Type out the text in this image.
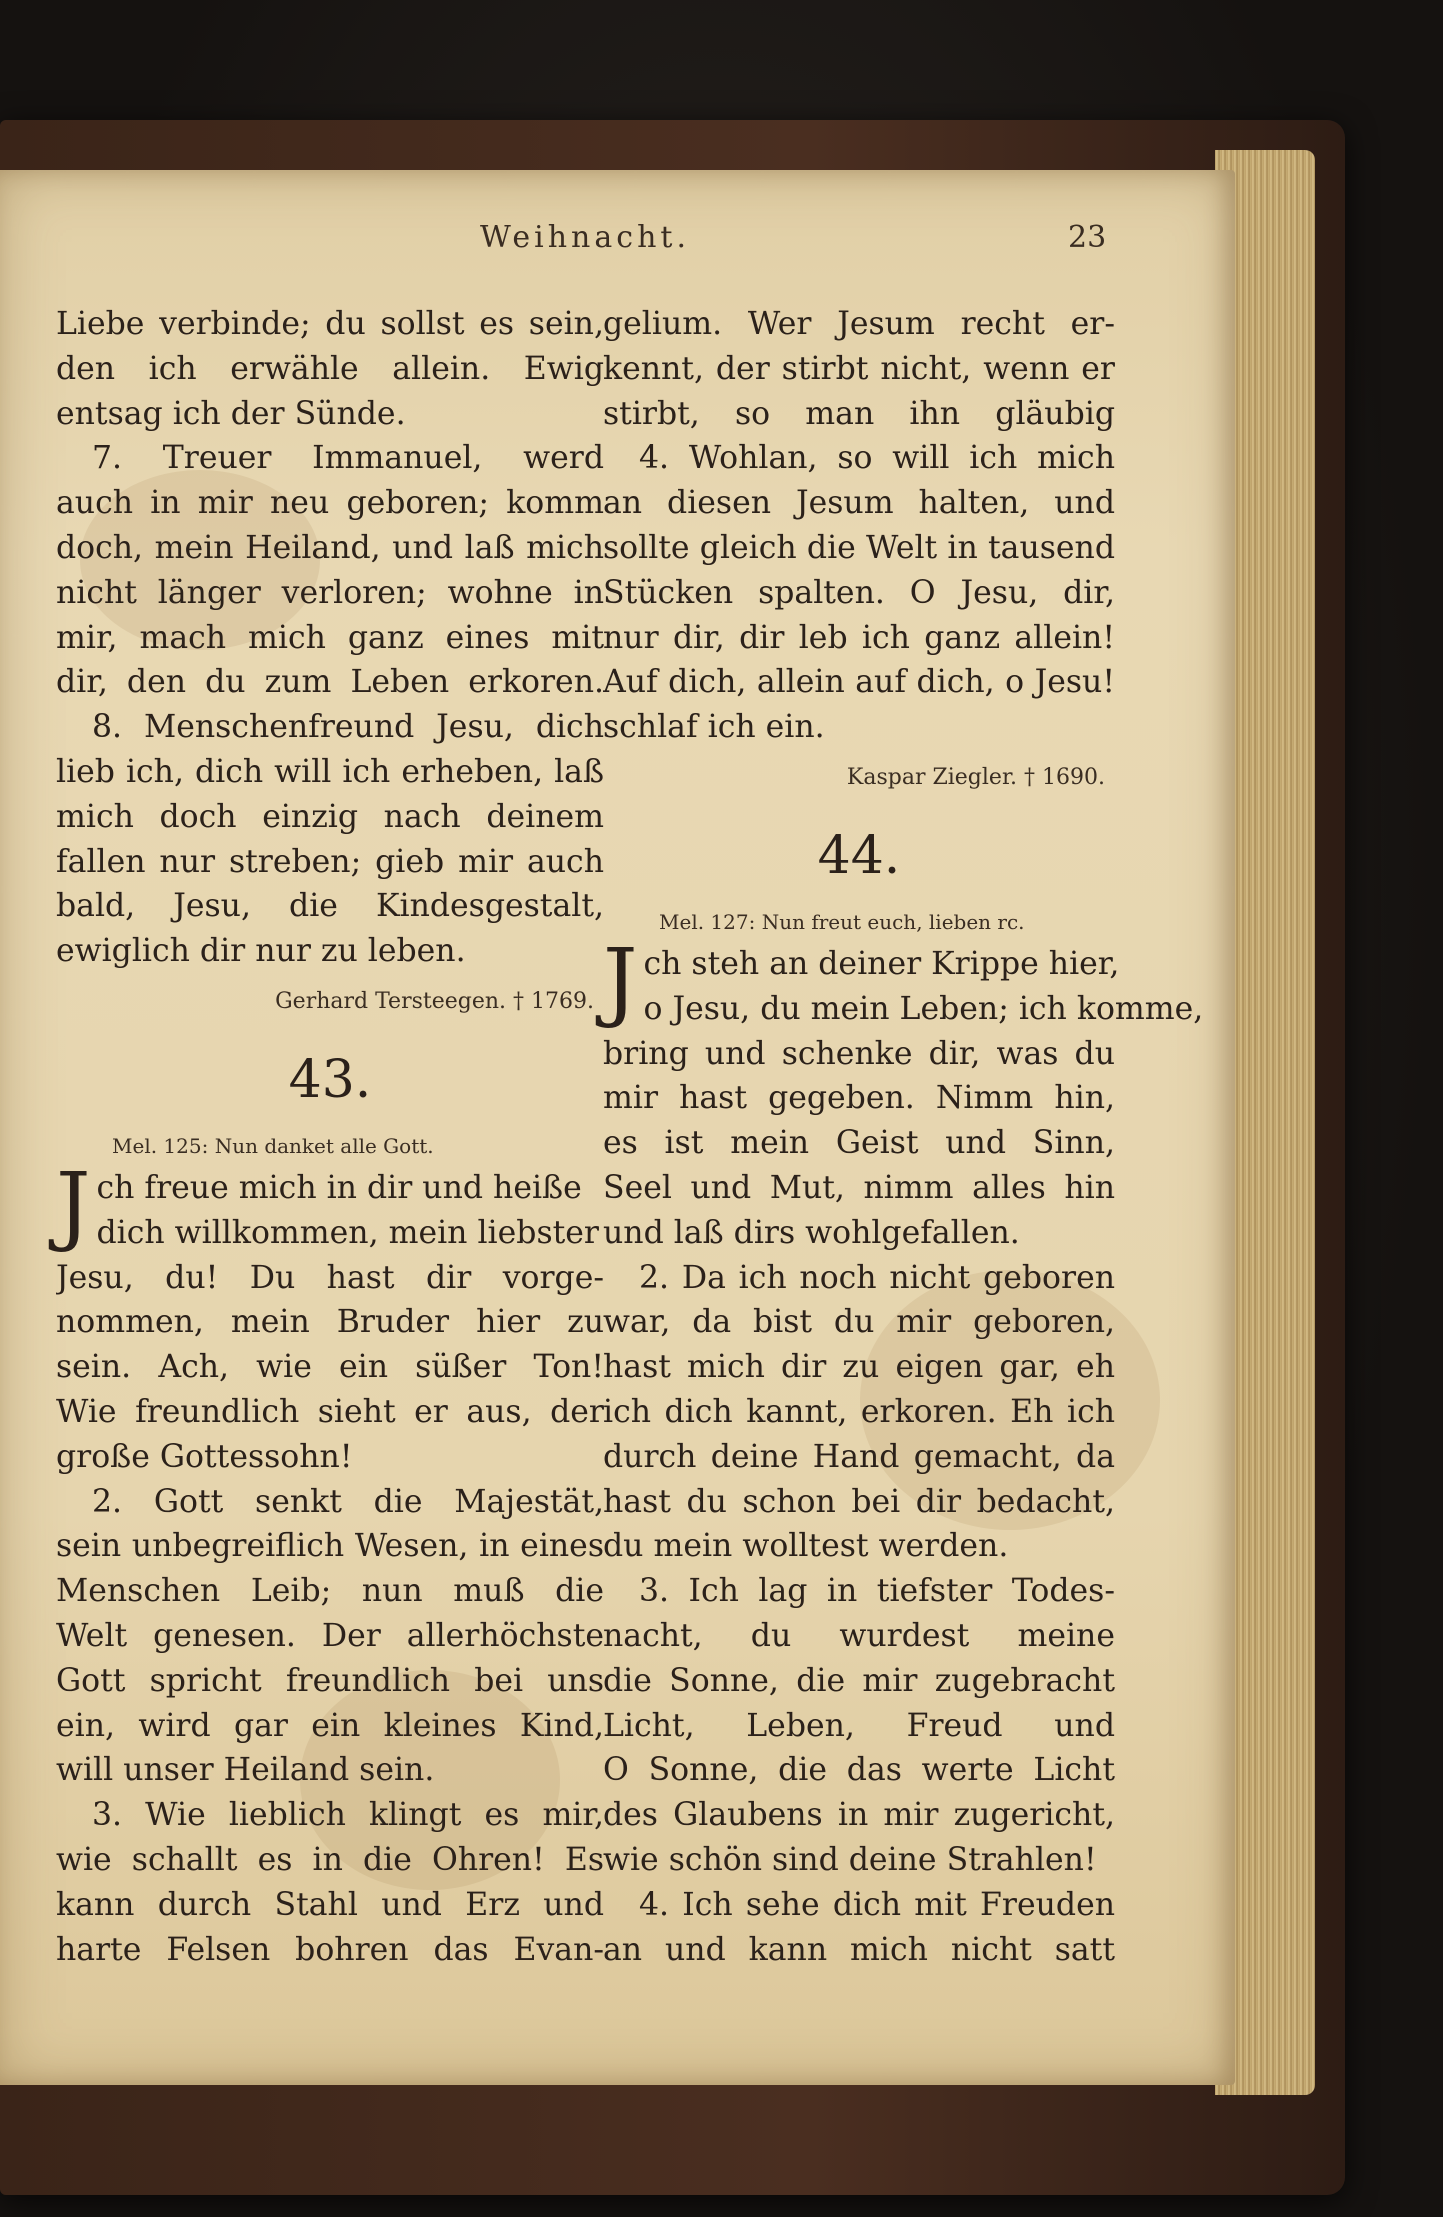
Weihnacht.	23
Liebe verbinde; du sollst es sein,
den ich erwähle allein. Ewig
entsag ich der Sünde.
7. Treuer Immanuel, werd
auch in mir neu geboren; komm
doch, mein Heiland, und laß mich
nicht länger verloren; wohne in
mir, mach mich ganz eines mit
dir, den du zum Leben erkoren.
8. Menschenfreund Jesu, dich
lieb ich, dich will ich erheben, laß
mich doch einzig nach deinem
fallen nur streben; gieb mir auch
bald, Jesu, die Kindesgestalt,
ewiglich dir nur zu leben.
Gerhard Tersteegen. † 1769.
43.
Mel. 125: Nun danket alle Gott.
J ch freue mich in dir und heiße
dich willkommen, mein liebster
Jesu, du! Du hast dir vorge-
nommen, mein Bruder hier zu
sein. Ach, wie ein süßer Ton!
Wie freundlich sieht er aus, der
große Gottessohn!
2. Gott senkt die Majestät,
sein unbegreiflich Wesen, in eines
Menschen Leib; nun muß die
Welt genesen. Der allerhöchste
Gott spricht freundlich bei uns
ein, wird gar ein kleines Kind,
will unser Heiland sein.
3. Wie lieblich klingt es mir,
wie schallt es in die Ohren! Es
kann durch Stahl und Erz und
harte Felsen bohren das Evan-
gelium. Wer Jesum recht er-
kennt, der stirbt nicht, wenn er
stirbt, so man ihn gläubig
4. Wohlan, so will ich mich
an diesen Jesum halten, und
sollte gleich die Welt in tausend
Stücken spalten. O Jesu, dir,
nur dir, dir leb ich ganz allein!
Auf dich, allein auf dich, o Jesu!
schlaf ich ein.
Kaspar Ziegler. † 1690.
44.
Mel. 127: Nun freut euch, lieben rc.
J ch steh an deiner Krippe hier,
o Jesu, du mein Leben; ich komme,
bring und schenke dir, was du
mir hast gegeben. Nimm hin,
es ist mein Geist und Sinn,
Seel und Mut, nimm alles hin
und laß dirs wohlgefallen.
2. Da ich noch nicht geboren
war, da bist du mir geboren,
hast mich dir zu eigen gar, eh
ich dich kannt, erkoren. Eh ich
durch deine Hand gemacht, da
hast du schon bei dir bedacht,
du mein wolltest werden.
3. Ich lag in tiefster Todes-
nacht, du wurdest meine
die Sonne, die mir zugebracht
Licht, Leben, Freud und
O Sonne, die das werte Licht
des Glaubens in mir zugericht,
wie schön sind deine Strahlen!
4. Ich sehe dich mit Freuden
an und kann mich nicht satt
